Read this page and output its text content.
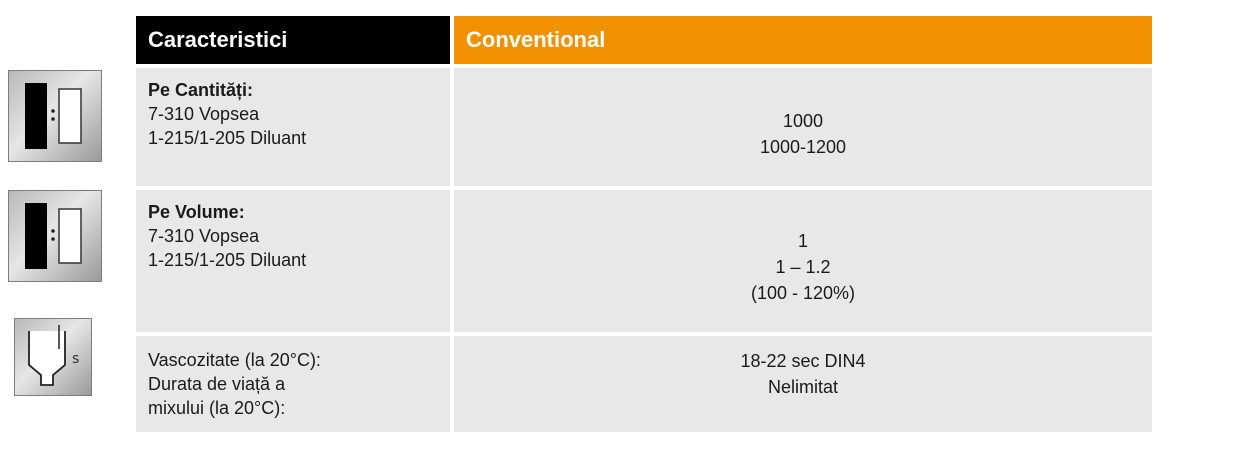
s
Caracteristici	Conventional
Pe Cantități:
7-310 Vopsea
1-215/1-205 Diluant
1000
1000-1200
Pe Volume:
7-310 Vopsea
1-215/1-205 Diluant
1
1 – 1.2
(100 - 120%)
Vascozitate (la 20°C):
Durata de viață a
mixului (la 20°C):
18-22 sec DIN4
Nelimitat
